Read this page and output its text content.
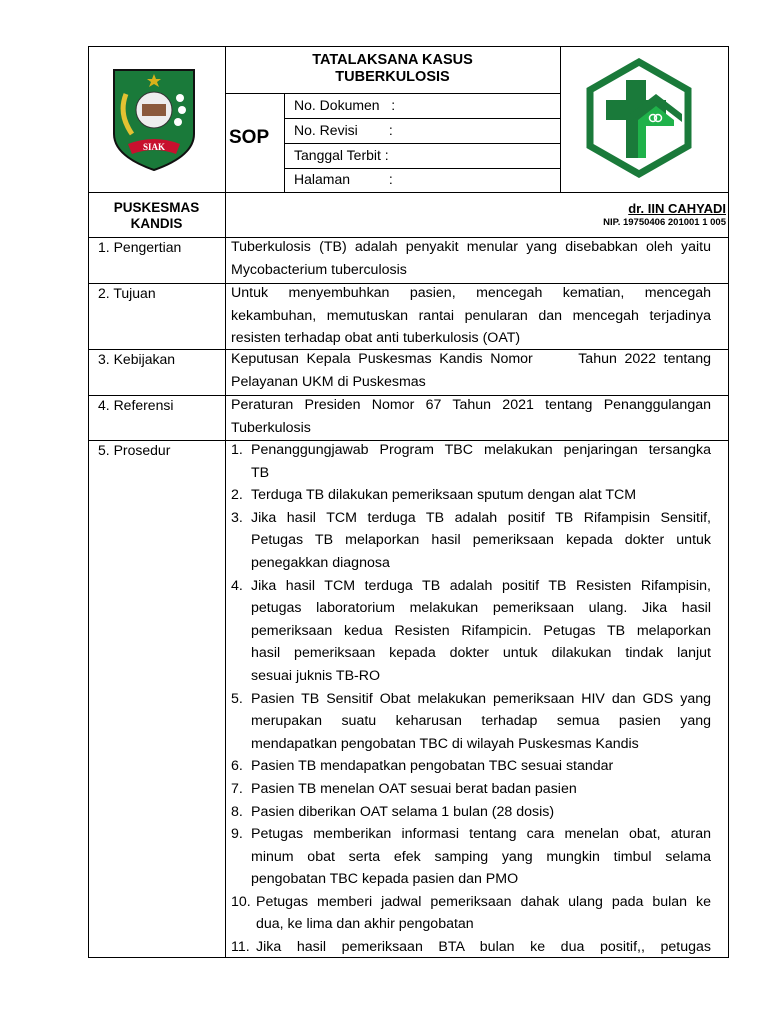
SIAK
TATALAKSANA KASUS
TUBERKULOSIS
SOP
No. Dokumen   :
No. Revisi        :
Tanggal Terbit :
Halaman          :
PUSKESMAS
KANDIS
dr. IIN CAHYADI
NIP. 19750406 201001 1 005
1. Pengertian	Tuberkulosis (TB) adalah penyakit menular yang disebabkan oleh yaitu
Mycobacterium tuberculosis
2. Tujuan	Untuk menyembuhkan pasien, mencegah kematian, mencegah
kekambuhan, memutuskan rantai penularan dan mencegah terjadinya
resisten terhadap obat anti tuberkulosis (OAT)
3. Kebijakan	Keputusan Kepala Puskesmas Kandis Nomor      Tahun 2022 tentang
Pelayanan UKM di Puskesmas
4. Referensi	Peraturan Presiden Nomor 67 Tahun 2021 tentang Penanggulangan
Tuberkulosis
5. Prosedur	1. Penanggungjawab Program TBC melakukan penjaringan tersangka
TB
2. Terduga TB dilakukan pemeriksaan sputum dengan alat TCM
3. Jika hasil TCM terduga TB adalah positif TB Rifampisin Sensitif,
Petugas TB melaporkan hasil pemeriksaan kepada dokter untuk
penegakkan diagnosa
4. Jika hasil TCM terduga TB adalah positif TB Resisten Rifampisin,
petugas laboratorium melakukan pemeriksaan ulang. Jika hasil
pemeriksaan kedua Resisten Rifampicin. Petugas TB melaporkan
hasil pemeriksaan kepada dokter untuk dilakukan tindak lanjut
sesuai juknis TB-RO
5. Pasien TB Sensitif Obat melakukan pemeriksaan HIV dan GDS yang
merupakan suatu keharusan terhadap semua pasien yang
mendapatkan pengobatan TBC di wilayah Puskesmas Kandis
6. Pasien TB mendapatkan pengobatan TBC sesuai standar
7. Pasien TB menelan OAT sesuai berat badan pasien
8. Pasien diberikan OAT selama 1 bulan (28 dosis)
9. Petugas memberikan informasi tentang cara menelan obat, aturan
minum obat serta efek samping yang mungkin timbul selama
pengobatan TBC kepada pasien dan PMO
10. Petugas memberi jadwal pemeriksaan dahak ulang pada bulan ke
dua, ke lima dan akhir pengobatan
11. Jika hasil pemeriksaan BTA bulan ke dua positif,, petugas
